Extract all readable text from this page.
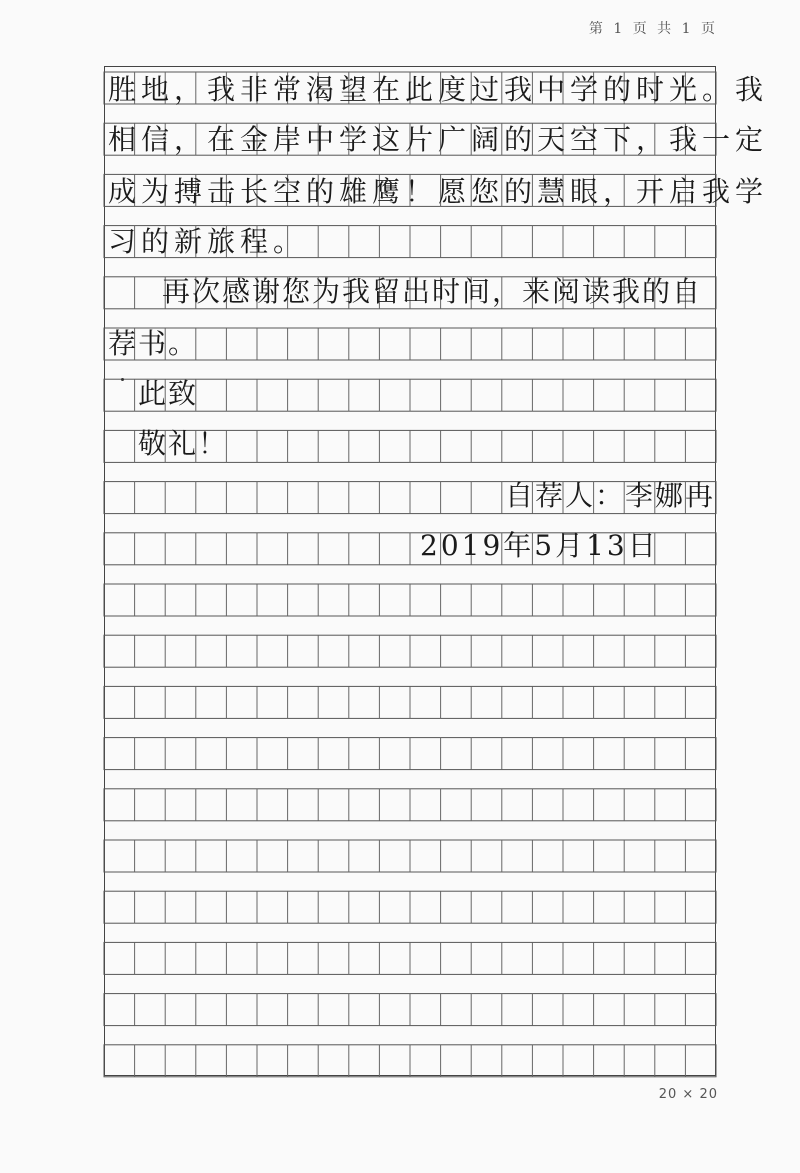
第 1 页 共 1 页
胜地，我非常渴望在此度过我中学的时光。我
相信，在金岸中学这片广阔的天空下，我一定
成为搏击长空的雄鹰！愿您的慧眼，开启我学
习的新旅程。
再次感谢您为我留出时间，来阅读我的自
荐书。
此致
敬礼！
自荐人：李娜冉
2019年5月13日
20 × 20
